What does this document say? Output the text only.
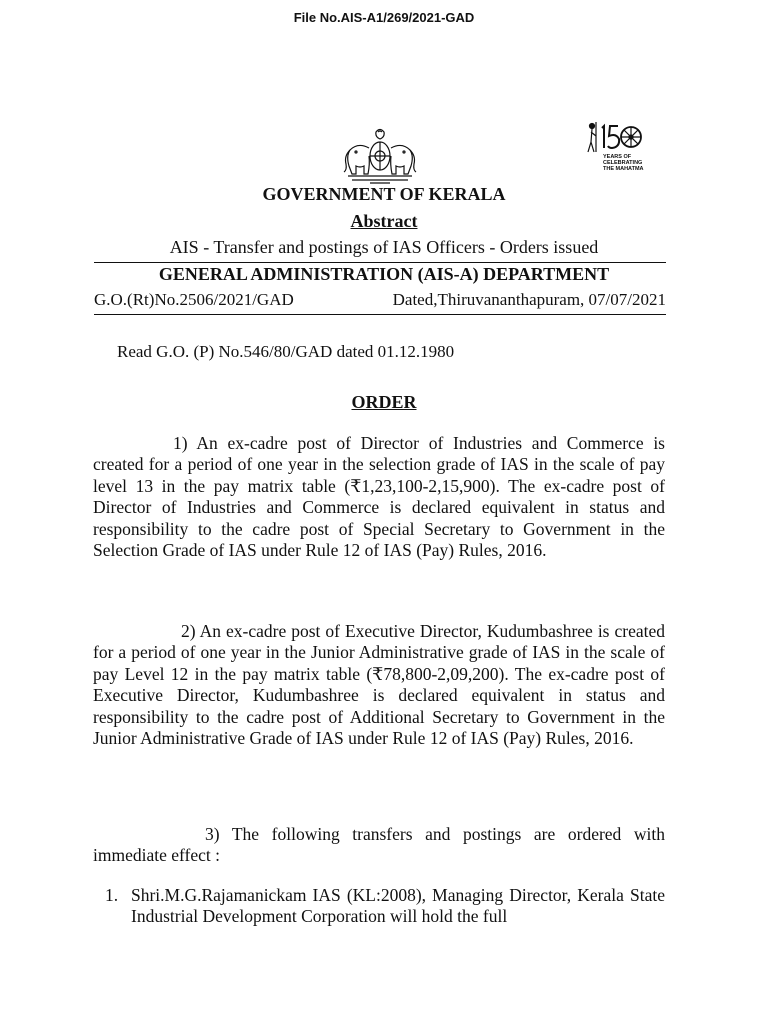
File No.AIS-A1/269/2021-GAD
YEARS OF
CELEBRATING
THE MAHATMA
GOVERNMENT OF KERALA
Abstract
AIS - Transfer and postings of IAS Officers - Orders issued
GENERAL ADMINISTRATION (AIS-A) DEPARTMENT
G.O.(Rt)No.2506/2021/GAD	Dated,Thiruvananthapuram, 07/07/2021
Read G.O. (P) No.546/80/GAD dated 01.12.1980
ORDER

1) An ex-cadre post of Director of Industries and Commerce is created for a period of one year in the selection grade of IAS in the scale of pay level 13 in the pay matrix table (₹1,23,100-2,15,900). The ex-cadre post of Director of Industries and Commerce is declared equivalent in status and responsibility to the cadre post of Special Secretary to Government in the Selection Grade of IAS under Rule 12 of IAS (Pay) Rules, 2016.

2) An ex-cadre post of Executive Director, Kudumbashree is created for a period of one year in the Junior Administrative grade of IAS in the scale of pay Level 12 in the pay matrix table (₹78,800-2,09,200). The ex-cadre post of Executive Director, Kudumbashree is declared equivalent in status and responsibility to the cadre post of Additional Secretary to Government in the Junior Administrative Grade of IAS under Rule 12 of IAS (Pay) Rules, 2016.

3) The following transfers and postings are ordered with immediate effect :

1. Shri.M.G.Rajamanickam IAS (KL:2008), Managing Director, Kerala State Industrial Development Corporation will hold the full
